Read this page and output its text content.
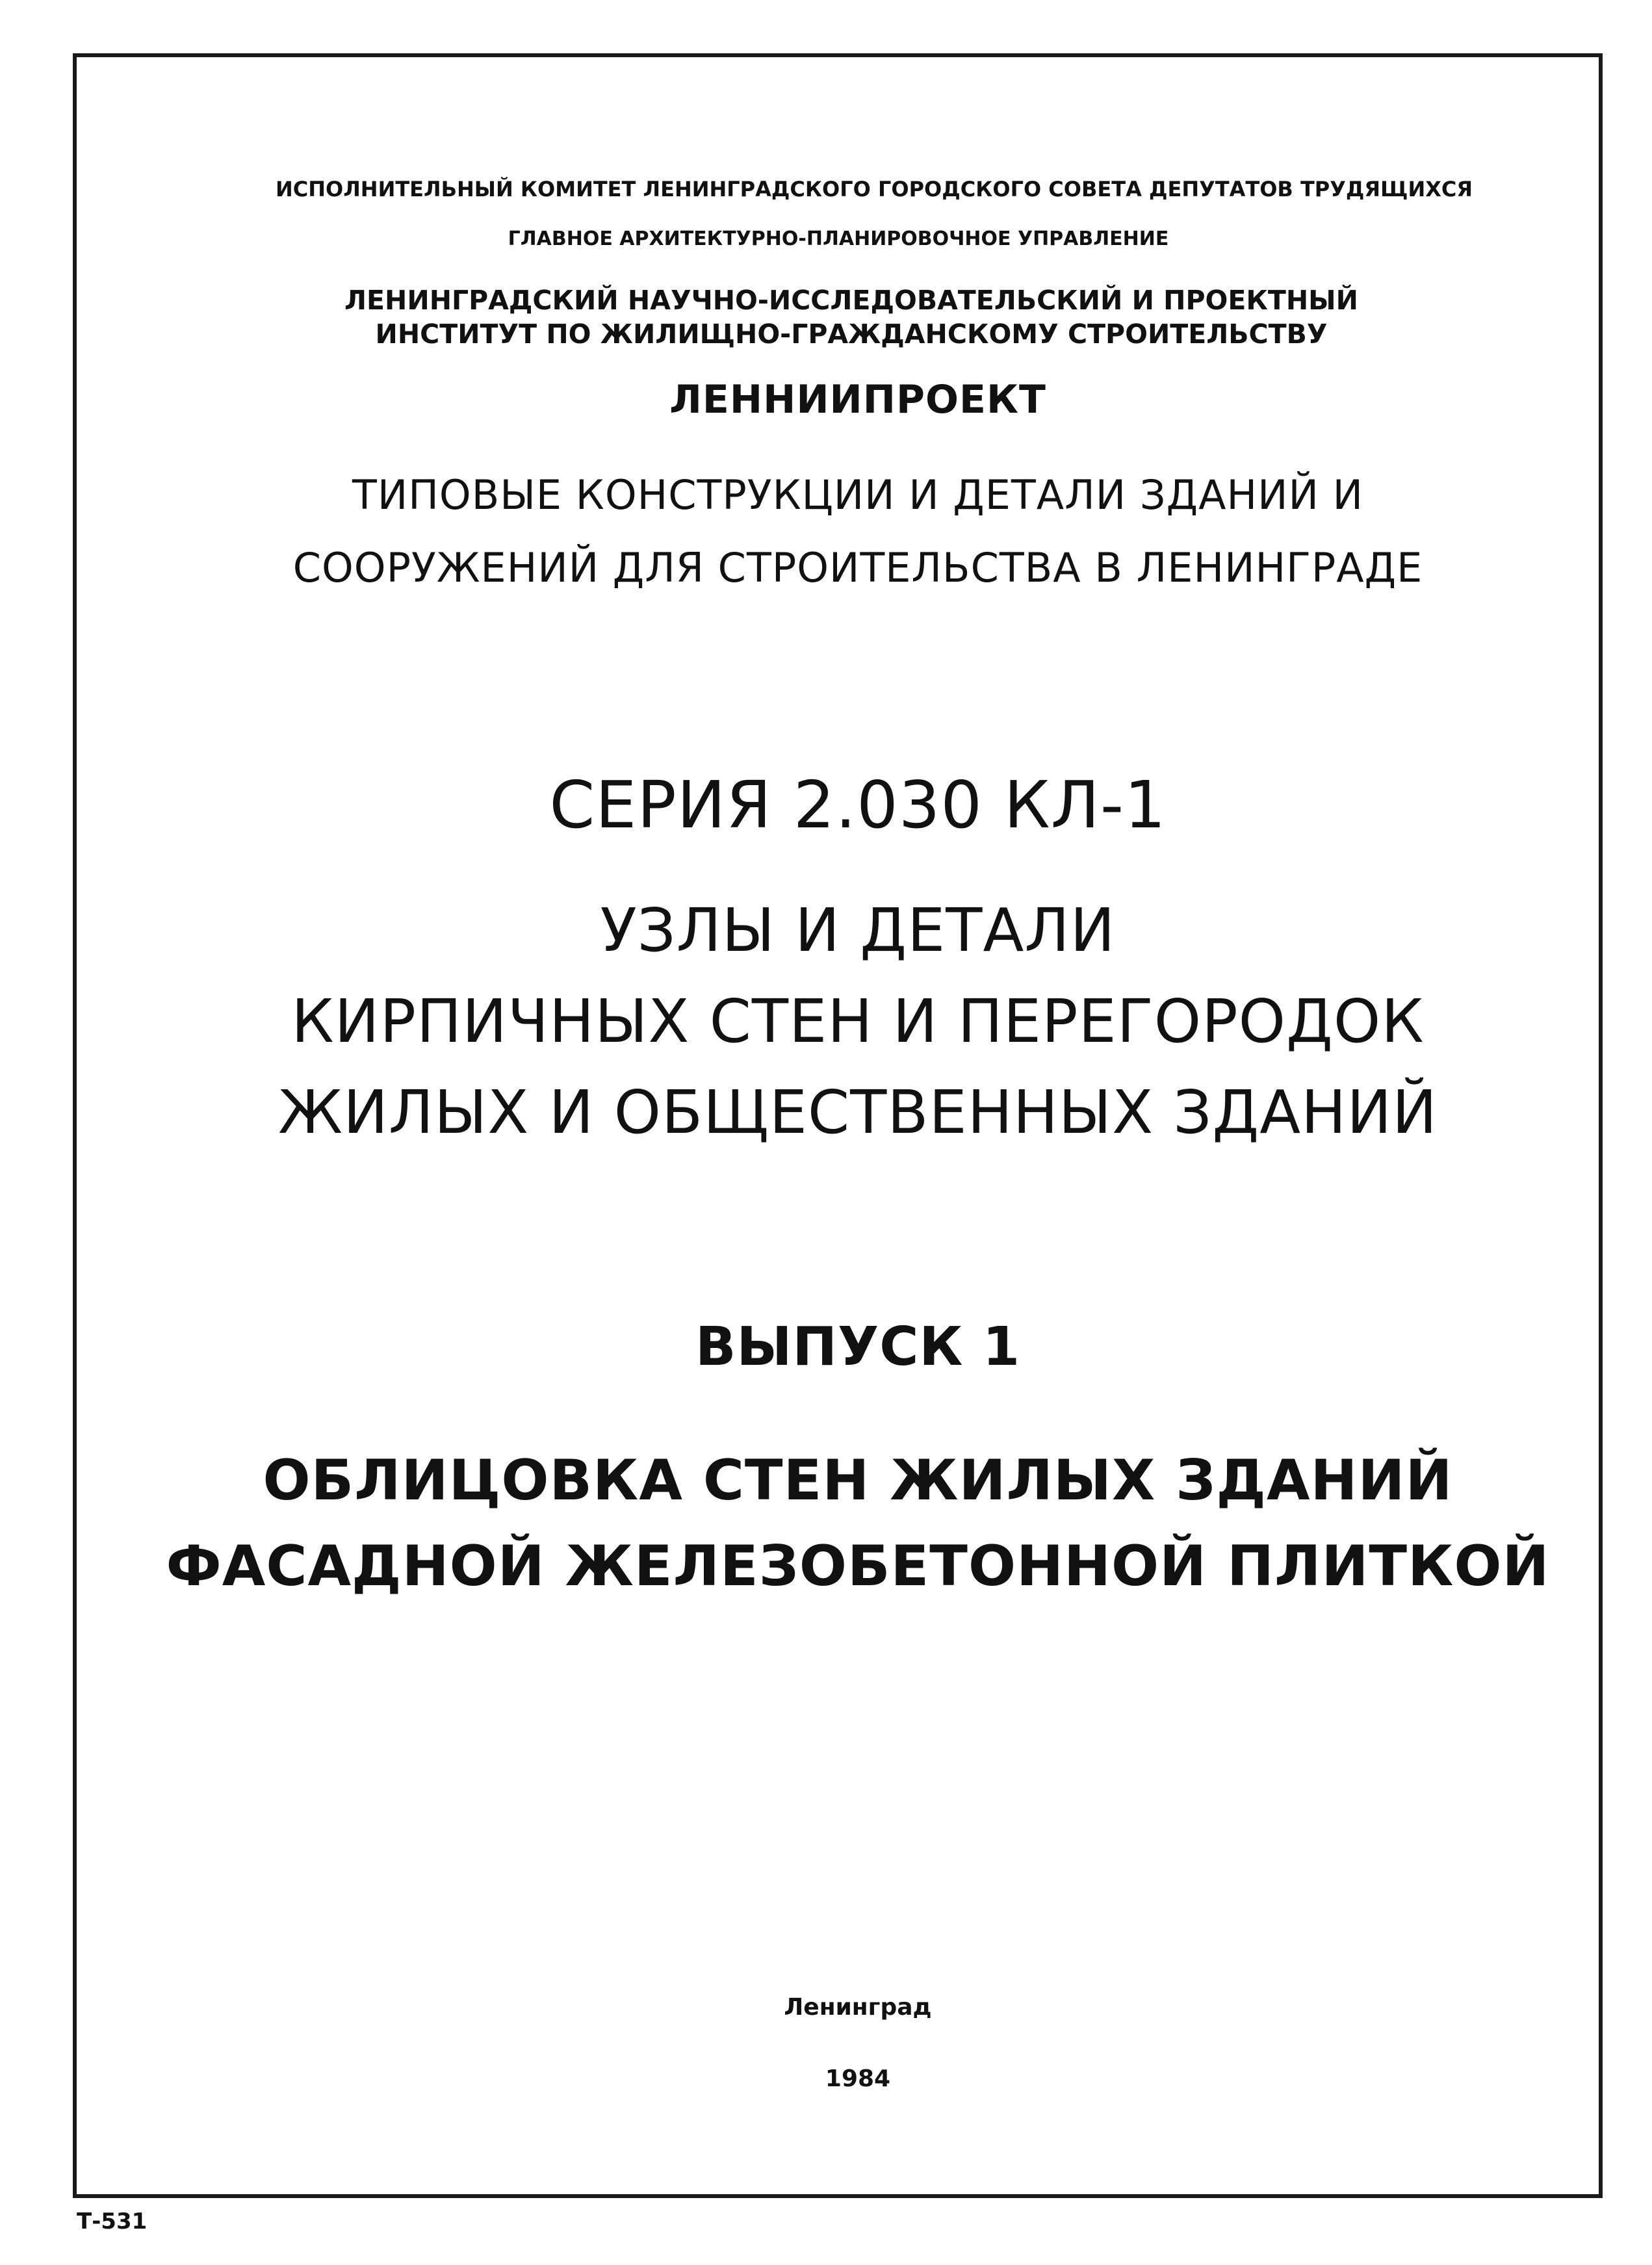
ИСПОЛНИТЕЛЬНЫЙ КОМИТЕТ ЛЕНИНГРАДСКОГО ГОРОДСКОГО СОВЕТА ДЕПУТАТОВ ТРУДЯЩИХСЯ
ГЛАВНОЕ АРХИТЕКТУРНО-ПЛАНИРОВОЧНОЕ УПРАВЛЕНИЕ
ЛЕНИНГРАДСКИЙ НАУЧНО-ИССЛЕДОВАТЕЛЬСКИЙ И ПРОЕКТНЫЙ
ИНСТИТУТ ПО ЖИЛИЩНО-ГРАЖДАНСКОМУ СТРОИТЕЛЬСТВУ
ЛЕННИИПРОЕКТ
ТИПОВЫЕ КОНСТРУКЦИИ И ДЕТАЛИ ЗДАНИЙ И
СООРУЖЕНИЙ ДЛЯ СТРОИТЕЛЬСТВА В ЛЕНИНГРАДЕ
СЕРИЯ 2.030 КЛ-1
УЗЛЫ И ДЕТАЛИ
КИРПИЧНЫХ СТЕН И ПЕРЕГОРОДОК
ЖИЛЫХ И ОБЩЕСТВЕННЫХ ЗДАНИЙ
ВЫПУСК 1
ОБЛИЦОВКА СТЕН ЖИЛЫХ ЗДАНИЙ
ФАСАДНОЙ ЖЕЛЕЗОБЕТОННОЙ ПЛИТКОЙ
Ленинград
1984
Т-531
